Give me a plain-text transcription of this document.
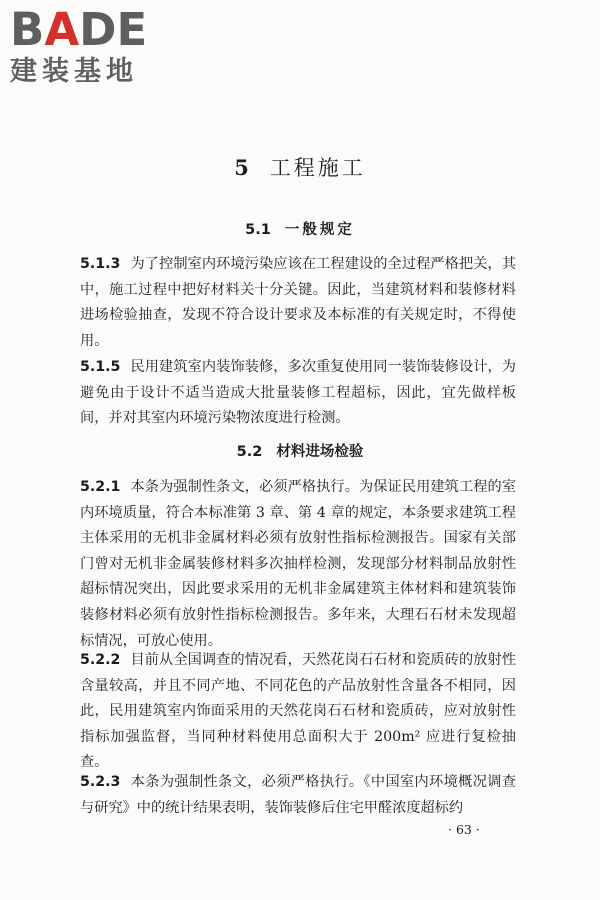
BADE
建装基地
5 工程施工
5.1 一般规定
5.1.3 为了控制室内环境污染应该在工程建设的全过程严格把关，其中，施工过程中把好材料关十分关键。因此，当建筑材料和装修材料进场检验抽查，发现不符合设计要求及本标准的有关规定时，不得使用。
5.1.5 民用建筑室内装饰装修，多次重复使用同一装饰装修设计，为避免由于设计不适当造成大批量装修工程超标，因此，宜先做样板间，并对其室内环境污染物浓度进行检测。
5.2 材料进场检验
5.2.1 本条为强制性条文，必须严格执行。为保证民用建筑工程的室内环境质量，符合本标准第 3 章、第 4 章的规定，本条要求建筑工程主体采用的无机非金属材料必须有放射性指标检测报告。国家有关部门曾对无机非金属装修材料多次抽样检测，发现部分材料制品放射性超标情况突出，因此要求采用的无机非金属建筑主体材料和建筑装饰装修材料必须有放射性指标检测报告。多年来，大理石石材未发现超标情况，可放心使用。
5.2.2 目前从全国调查的情况看，天然花岗石石材和瓷质砖的放射性含量较高，并且不同产地、不同花色的产品放射性含量各不相同，因此，民用建筑室内饰面采用的天然花岗石石材和瓷质砖，应对放射性指标加强监督，当同种材料使用总面积大于 200m² 应进行复检抽查。
5.2.3 本条为强制性条文，必须严格执行。《中国室内环境概况调查与研究》中的统计结果表明，装饰装修后住宅甲醛浓度超标约
· 63 ·
